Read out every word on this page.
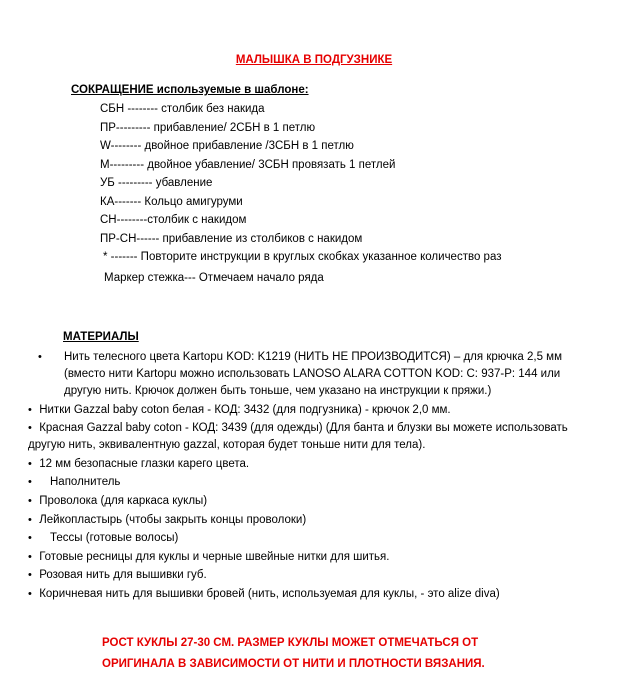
МАЛЫШКА В ПОДГУЗНИКЕ
СОКРАЩЕНИЕ используемые в шаблоне:
СБН -------- столбик без накида
ПР--------- прибавление/ 2СБН в 1 петлю
W-------- двойное прибавление /3СБН в 1 петлю
М--------- двойное убавление/ 3СБН провязать 1 петлей
УБ --------- убавление
КА------- Кольцо амигуруми
СН--------столбик с накидом
ПР-СН------ прибавление из столбиков с накидом
* ------- Повторите инструкции в круглых скобках указанное количество раз
Маркер стежка--- Отмечаем начало ряда
МАТЕРИАЛЫ
•	Нить телесного цвета Kartopu KOD: K1219 (НИТЬ НЕ ПРОИЗВОДИТСЯ) – для крючка 2,5 мм (вместо нити Kartopu можно использовать LANOSO ALARA COTTON KOD: C: 937-P: 144 или другую нить. Крючок должен быть тоньше, чем указано на инструкции к пряжи.)
• Нитки Gazzal baby coton белая - КОД: 3432 (для подгузника) - крючок 2,0 мм.
• Красная Gazzal baby coton - КОД: 3439 (для одежды) (Для банта и блузки вы можете использовать другую нить, эквивалентную gazzal, которая будет тоньше нити для тела).
• 12 мм безопасные глазки карего цвета.
• Наполнитель
• Проволока (для каркаса куклы)
• Лейкопластырь (чтобы закрыть концы проволоки)
• Тессы (готовые волосы)
• Готовые ресницы для куклы и черные швейные нитки для шитья.
• Розовая нить для вышивки губ.
• Коричневая нить для вышивки бровей (нить, используемая для куклы, - это alize diva)
РОСТ КУКЛЫ 27-30 СМ. РАЗМЕР КУКЛЫ МОЖЕТ ОТМЕЧАТЬСЯ ОТ ОРИГИНАЛА В ЗАВИСИМОСТИ ОТ НИТИ И ПЛОТНОСТИ ВЯЗАНИЯ.
